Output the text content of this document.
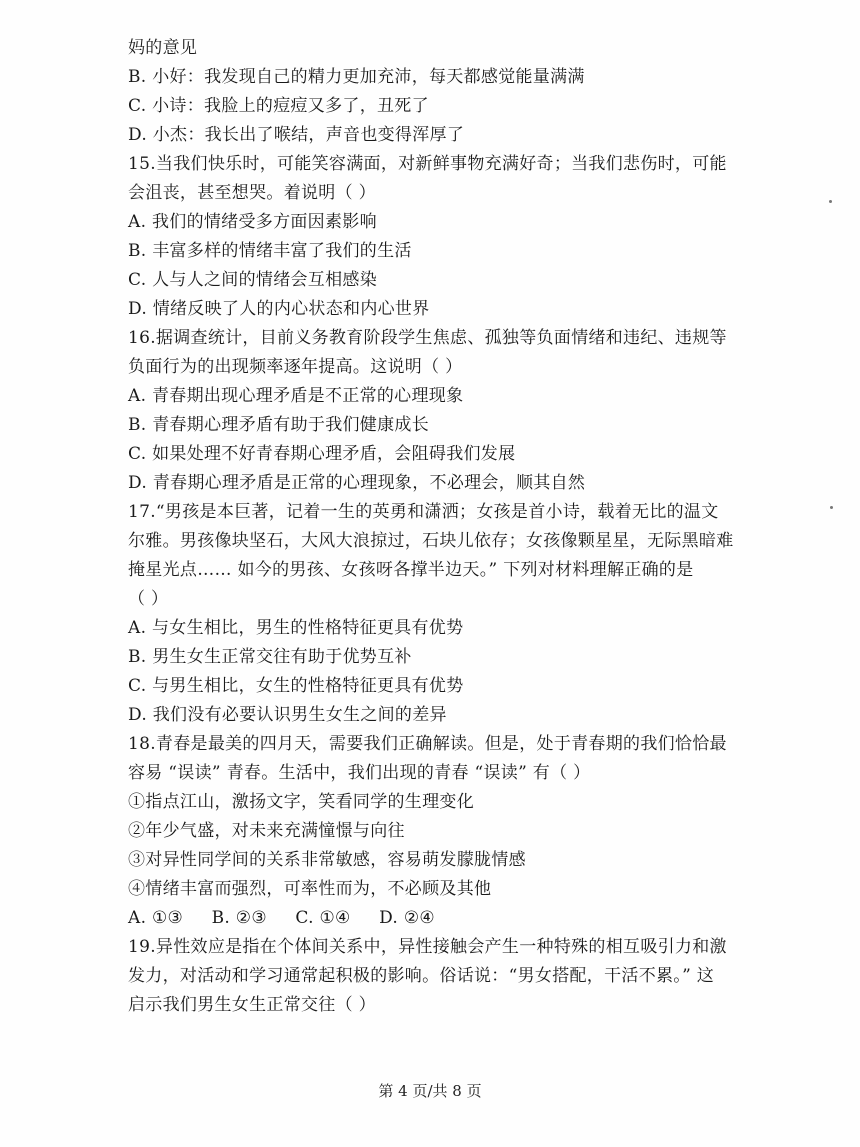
妈的意见
B. 小好：我发现自己的精力更加充沛，每天都感觉能量满满
C. 小诗：我脸上的痘痘又多了，丑死了
D. 小杰：我长出了喉结，声音也变得浑厚了
15.当我们快乐时，可能笑容满面，对新鲜事物充满好奇；当我们悲伤时，可能
会沮丧，甚至想哭。着说明（ ）
A. 我们的情绪受多方面因素影响
B. 丰富多样的情绪丰富了我们的生活
C. 人与人之间的情绪会互相感染
D. 情绪反映了人的内心状态和内心世界
16.据调查统计，目前义务教育阶段学生焦虑、孤独等负面情绪和违纪、违规等
负面行为的出现频率逐年提高。这说明（ ）
A. 青春期出现心理矛盾是不正常的心理现象
B. 青春期心理矛盾有助于我们健康成长
C. 如果处理不好青春期心理矛盾，会阻碍我们发展
D. 青春期心理矛盾是正常的心理现象，不必理会，顺其自然
17.“男孩是本巨著，记着一生的英勇和潇洒；女孩是首小诗，载着无比的温文
尔雅。男孩像块坚石，大风大浪掠过，石块儿依存；女孩像颗星星，无际黑暗难
掩星光点…… 如今的男孩、女孩呀各撑半边天。” 下列对材料理解正确的是
（ ）
A. 与女生相比，男生的性格特征更具有优势
B. 男生女生正常交往有助于优势互补
C. 与男生相比，女生的性格特征更具有优势
D. 我们没有必要认识男生女生之间的差异
18.青春是最美的四月天，需要我们正确解读。但是，处于青春期的我们恰恰最
容易 “误读” 青春。生活中，我们出现的青春 “误读” 有（ ）
①指点江山，激扬文字，笑看同学的生理变化
②年少气盛，对未来充满憧憬与向往
③对异性同学间的关系非常敏感，容易萌发朦胧情感
④情绪丰富而强烈，可率性而为，不必顾及其他
A. ①③     B. ②③     C. ①④     D. ②④
19.异性效应是指在个体间关系中，异性接触会产生一种特殊的相互吸引力和激
发力，对活动和学习通常起积极的影响。俗话说：“男女搭配，干活不累。” 这
启示我们男生女生正常交往（ ）
第 4 页/共 8 页
